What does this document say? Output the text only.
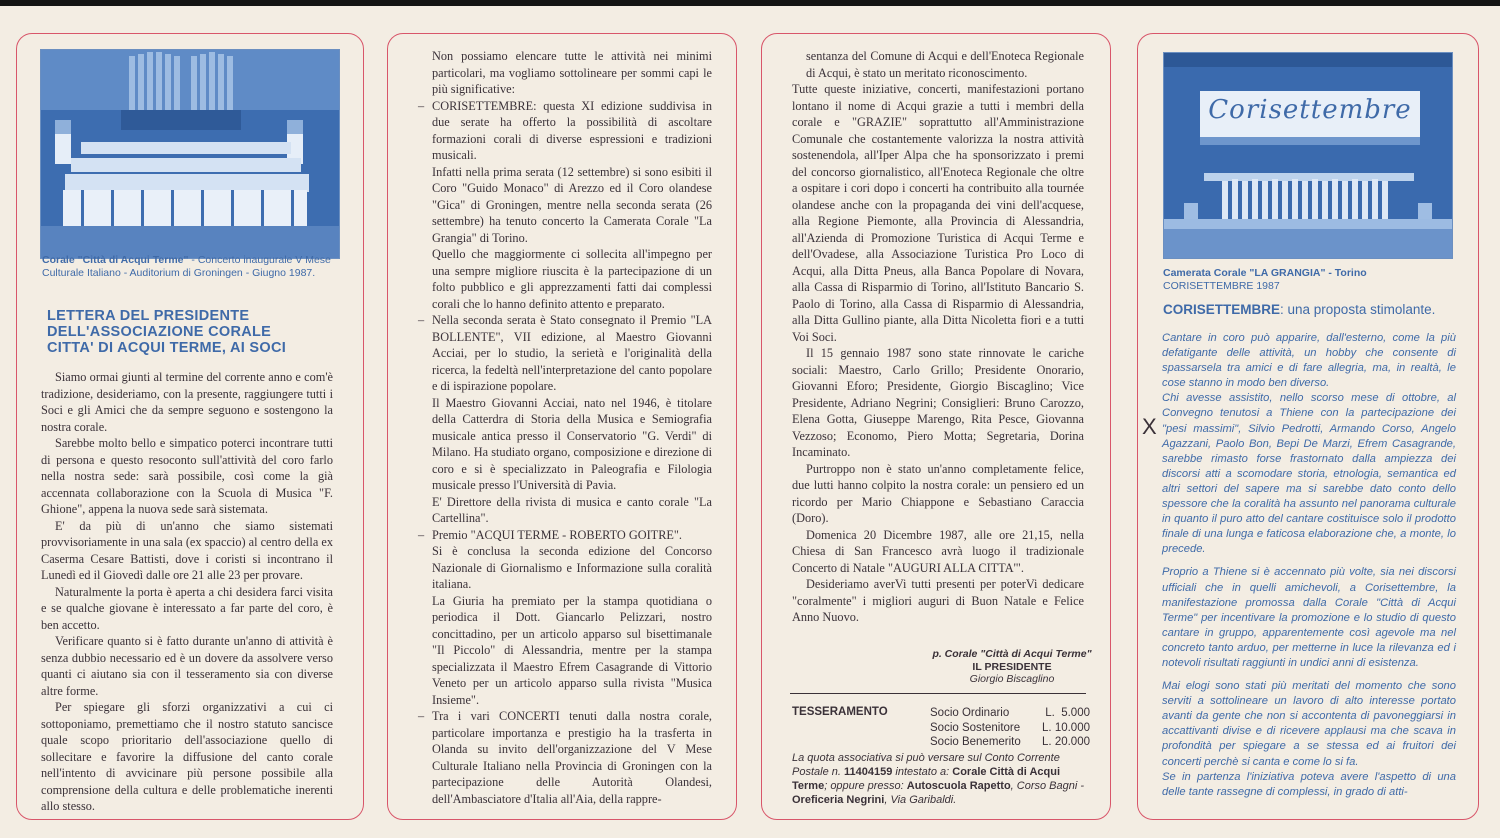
Corale "Città di Acqui Terme" - Concerto inaugurale V Mese Culturale Italiano - Auditorium di Groningen - Giugno 1987.
LETTERA DEL PRESIDENTE
DELL'ASSOCIAZIONE CORALE
CITTA' DI ACQUI TERME, AI SOCI

Siamo ormai giunti al termine del corrente anno e com'è tradizione, desideriamo, con la presente, raggiungere tutti i Soci e gli Amici che da sempre seguono e sostengono la nostra corale.

Sarebbe molto bello e simpatico poterci incontrare tutti di persona e questo resoconto sull'attività del coro farlo nella nostra sede: sarà possibile, così come la già accennata collaborazione con la Scuola di Musica "F. Ghione", appena la nuova sede sarà sistemata.

E' da più di un'anno che siamo sistemati provvisoriamente in una sala (ex spaccio) al centro della ex Caserma Cesare Battisti, dove i coristi si incontrano il Lunedì ed il Giovedì dalle ore 21 alle 23 per provare.

Naturalmente la porta è aperta a chi desidera farci visita e se qualche giovane è interessato a far parte del coro, è ben accetto.

Verificare quanto si è fatto durante un'anno di attività è senza dubbio necessario ed è un dovere da assolvere verso quanti ci aiutano sia con il tesseramento sia con diverse altre forme.

Per spiegare gli sforzi organizzativi a cui ci sottoponiamo, premettiamo che il nostro statuto sancisce quale scopo prioritario dell'associazione quello di sollecitare e favorire la diffusione del canto corale nell'intento di avvicinare più persone possibile alla comprensione della cultura e delle problematiche inerenti allo stesso.

Non possiamo elencare tutte le attività nei minimi particolari, ma vogliamo sottolineare per sommi capi le più significative:

– CORISETTEMBRE: questa XI edizione suddivisa in due serate ha offerto la possibilità di ascoltare formazioni corali di diverse espressioni e tradizioni musicali.

Infatti nella prima serata (12 settembre) si sono esibiti il Coro "Guido Monaco" di Arezzo ed il Coro olandese "Gica" di Groningen, mentre nella seconda serata (26 settembre) ha tenuto concerto la Camerata Corale "La Grangia" di Torino.

Quello che maggiormente ci sollecita all'impegno per una sempre migliore riuscita è la partecipazione di un folto pubblico e gli apprezzamenti fatti dai complessi corali che lo hanno definito attento e preparato.

– Nella seconda serata è Stato consegnato il Premio "LA BOLLENTE", VII edizione, al Maestro Giovanni Acciai, per lo studio, la serietà e l'originalità della ricerca, la fedeltà nell'interpretazione del canto popolare e di ispirazione popolare.

Il Maestro Giovanni Acciai, nato nel 1946, è titolare della Catterdra di Storia della Musica e Semiografia musicale antica presso il Conservatorio "G. Verdi" di Milano. Ha studiato organo, composizione e direzione di coro e si è specializzato in Paleografia e Filologia musicale presso l'Università di Pavia.

E' Direttore della rivista di musica e canto corale "La Cartellina".

– Premio "ACQUI TERME - ROBERTO GOITRE".

Si è conclusa la seconda edizione del Concorso Nazionale di Giornalismo e Informazione sulla coralità italiana.

La Giuria ha premiato per la stampa quotidiana o periodica il Dott. Giancarlo Pelizzari, nostro concittadino, per un articolo apparso sul bisettimanale "Il Piccolo" di Alessandria, mentre per la stampa specializzata il Maestro Efrem Casagrande di Vittorio Veneto per un articolo apparso sulla rivista "Musica Insieme".

– Tra i vari CONCERTI tenuti dalla nostra corale, particolare importanza e prestigio ha la trasferta in Olanda su invito dell'organizzazione del V Mese Culturale Italiano nella Provincia di Groningen con la partecipazione delle Autorità Olandesi, dell'Ambasciatore d'Italia all'Aia, della rappre-

sentanza del Comune di Acqui e dell'Enoteca Regionale di Acqui, è stato un meritato riconoscimento.

Tutte queste iniziative, concerti, manifestazioni portano lontano il nome di Acqui grazie a tutti i membri della corale e "GRAZIE" soprattutto all'Amministrazione Comunale che costantemente valorizza la nostra attività sostenendola, all'Iper Alpa che ha sponsorizzato i premi del concorso giornalistico, all'Enoteca Regionale che oltre a ospitare i cori dopo i concerti ha contribuito alla tournée olandese anche con la propaganda dei vini dell'acquese, alla Regione Piemonte, alla Provincia di Alessandria, all'Azienda di Promozione Turistica di Acqui Terme e dell'Ovadese, alla Associazione Turistica Pro Loco di Acqui, alla Ditta Pneus, alla Banca Popolare di Novara, alla Cassa di Risparmio di Torino, all'Istituto Bancario S. Paolo di Torino, alla Cassa di Risparmio di Alessandria, alla Ditta Gullino piante, alla Ditta Nicoletta fiori e a tutti Voi Soci.

Il 15 gennaio 1987 sono state rinnovate le cariche sociali: Maestro, Carlo Grillo; Presidente Onorario, Giovanni Eforo; Presidente, Giorgio Biscaglino; Vice Presidente, Adriano Negrini; Consiglieri: Bruno Carozzo, Elena Gotta, Giuseppe Marengo, Rita Pesce, Giovanna Vezzoso; Economo, Piero Motta; Segretaria, Dorina Incaminato.

Purtroppo non è stato un'anno completamente felice, due lutti hanno colpito la nostra corale: un pensiero ed un ricordo per Mario Chiappone e Sebastiano Caraccia (Doro).

Domenica 20 Dicembre 1987, alle ore 21,15, nella Chiesa di San Francesco avrà luogo il tradizionale Concerto di Natale "AUGURI ALLA CITTA'".

Desideriamo averVi tutti presenti per poterVi dedicare "coralmente" i migliori auguri di Buon Natale e Felice Anno Nuovo.

p. Corale "Città di Acqui Terme"
IL PRESIDENTE
Giorgio Biscaglino
TESSERAMENTO	Socio Ordinario	L.  5.000
Socio Sostenitore L. 10.000
Socio Benemerito L. 20.000
La quota associativa si può versare sul Conto Corrente Postale n. 11404159 intestato a: Corale Città di Acqui Terme; oppure presso: Autoscuola Rapetto, Corso Bagni - Oreficeria Negrini, Via Garibaldi.
Corisettembre
Camerata Corale "LA GRANGIA" - Torino
CORISETTEMBRE 1987
CORISETTEMBRE: una proposta stimolante.
X

Cantare in coro può apparire, dall'esterno, come la più defatigante delle attività, un hobby che consente di spassarsela tra amici e di fare allegria, ma, in realtà, le cose stanno in modo ben diverso.

Chi avesse assistito, nello scorso mese di ottobre, al Convegno tenutosi a Thiene con la partecipazione dei "pesi massimi", Silvio Pedrotti, Armando Corso, Angelo Agazzani, Paolo Bon, Bepi De Marzi, Efrem Casagrande, sarebbe rimasto forse frastornato dalla ampiezza dei discorsi atti a scomodare storia, etnologia, semantica ed altri settori del sapere ma si sarebbe dato conto dello spessore che la coralità ha assunto nel panorama culturale in quanto il puro atto del cantare costituisce solo il prodotto finale di una lunga e faticosa elaborazione che, a monte, lo precede.

Proprio a Thiene si è accennato più volte, sia nei discorsi ufficiali che in quelli amichevoli, a Corisettembre, la manifestazione promossa dalla Corale "Città di Acqui Terme" per incentivare la promozione e lo studio di questo cantare in gruppo, apparentemente così agevole ma nel concreto tanto arduo, per metterne in luce la rilevanza ed i notevoli risultati raggiunti in undici anni di esistenza.

Mai elogi sono stati più meritati del momento che sono serviti a sottolineare un lavoro di alto interesse portato avanti da gente che non si accontenta di pavoneggiarsi in accattivanti divise e di ricevere applausi ma che scava in profondità per spiegare a se stessa ed ai fruitori dei concerti perchè si canta e come lo si fa.

Se in partenza l'iniziativa poteva avere l'aspetto di una delle tante rassegne di complessi, in grado di atti-
